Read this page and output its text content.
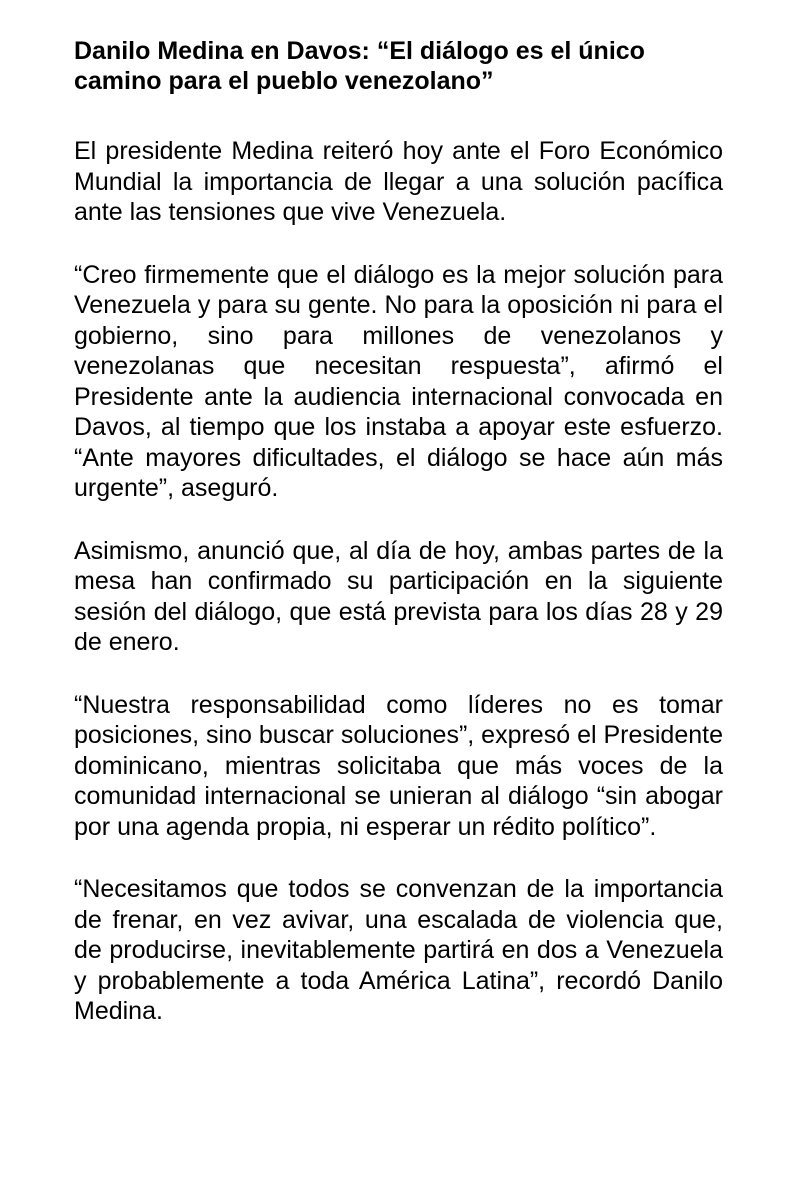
Danilo Medina en Davos: “El diálogo es el único camino para el pueblo venezolano”

El presidente Medina reiteró hoy ante el Foro Económico Mundial la importancia de llegar a una solución pacífica ante las tensiones que vive Venezuela.

“Creo firmemente que el diálogo es la mejor solución para Venezuela y para su gente. No para la oposición ni para el gobierno, sino para millones de venezolanos y venezolanas que necesitan respuesta”, afirmó el Presidente ante la audiencia internacional convocada en Davos, al tiempo que los instaba a apoyar este esfuerzo. “Ante mayores dificultades, el diálogo se hace aún más urgente”, aseguró.

Asimismo, anunció que, al día de hoy, ambas partes de la mesa han confirmado su participación en la siguiente sesión del diálogo, que está prevista para los días 28 y 29 de enero.

“Nuestra responsabilidad como líderes no es tomar posiciones, sino buscar soluciones”, expresó el Presidente dominicano, mientras solicitaba que más voces de la comunidad internacional se unieran al diálogo “sin abogar por una agenda propia, ni esperar un rédito político”.

“Necesitamos que todos se convenzan de la importancia de frenar, en vez avivar, una escalada de violencia que, de producirse, inevitablemente partirá en dos a Venezuela y probablemente a toda América Latina”, recordó Danilo Medina.
